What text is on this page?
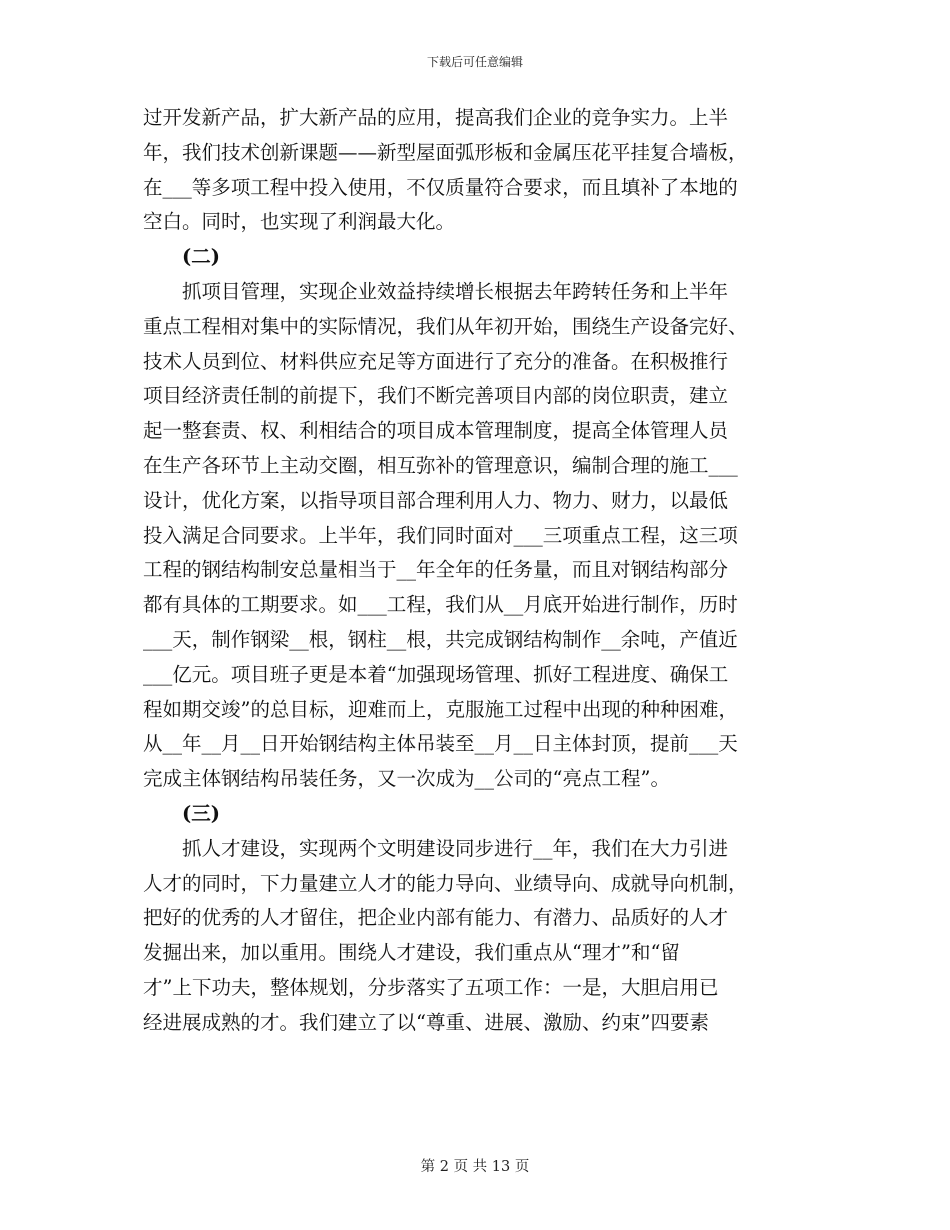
下载后可任意编辑
过开发新产品，扩大新产品的应用，提高我们企业的竞争实力。上半
年，我们技术创新课题——新型屋面弧形板和金属压花平挂复合墙板，
在___等多项工程中投入使用，不仅质量符合要求，而且填补了本地的
空白。同时，也实现了利润最大化。
(二)
抓项目管理，实现企业效益持续增长根据去年跨转任务和上半年
重点工程相对集中的实际情况，我们从年初开始，围绕生产设备完好、
技术人员到位、材料供应充足等方面进行了充分的准备。在积极推行
项目经济责任制的前提下，我们不断完善项目内部的岗位职责，建立
起一整套责、权、利相结合的项目成本管理制度，提高全体管理人员
在生产各环节上主动交圈，相互弥补的管理意识，编制合理的施工___
设计，优化方案，以指导项目部合理利用人力、物力、财力，以最低
投入满足合同要求。上半年，我们同时面对___三项重点工程，这三项
工程的钢结构制安总量相当于__年全年的任务量，而且对钢结构部分
都有具体的工期要求。如___工程，我们从__月底开始进行制作，历时
___天，制作钢梁__根，钢柱__根，共完成钢结构制作__余吨，产值近
___亿元。项目班子更是本着“加强现场管理、抓好工程进度、确保工
程如期交竣”的总目标，迎难而上，克服施工过程中出现的种种困难，
从__年__月__日开始钢结构主体吊装至__月__日主体封顶，提前___天
完成主体钢结构吊装任务，又一次成为__公司的“亮点工程”。
(三)
抓人才建设，实现两个文明建设同步进行__年，我们在大力引进
人才的同时，下力量建立人才的能力导向、业绩导向、成就导向机制，
把好的优秀的人才留住，把企业内部有能力、有潜力、品质好的人才
发掘出来，加以重用。围绕人才建设，我们重点从“理才”和“留
才”上下功夫，整体规划，分步落实了五项工作：一是，大胆启用已
经进展成熟的才。我们建立了以“尊重、进展、激励、约束”四要素
第 2 页 共 13 页
